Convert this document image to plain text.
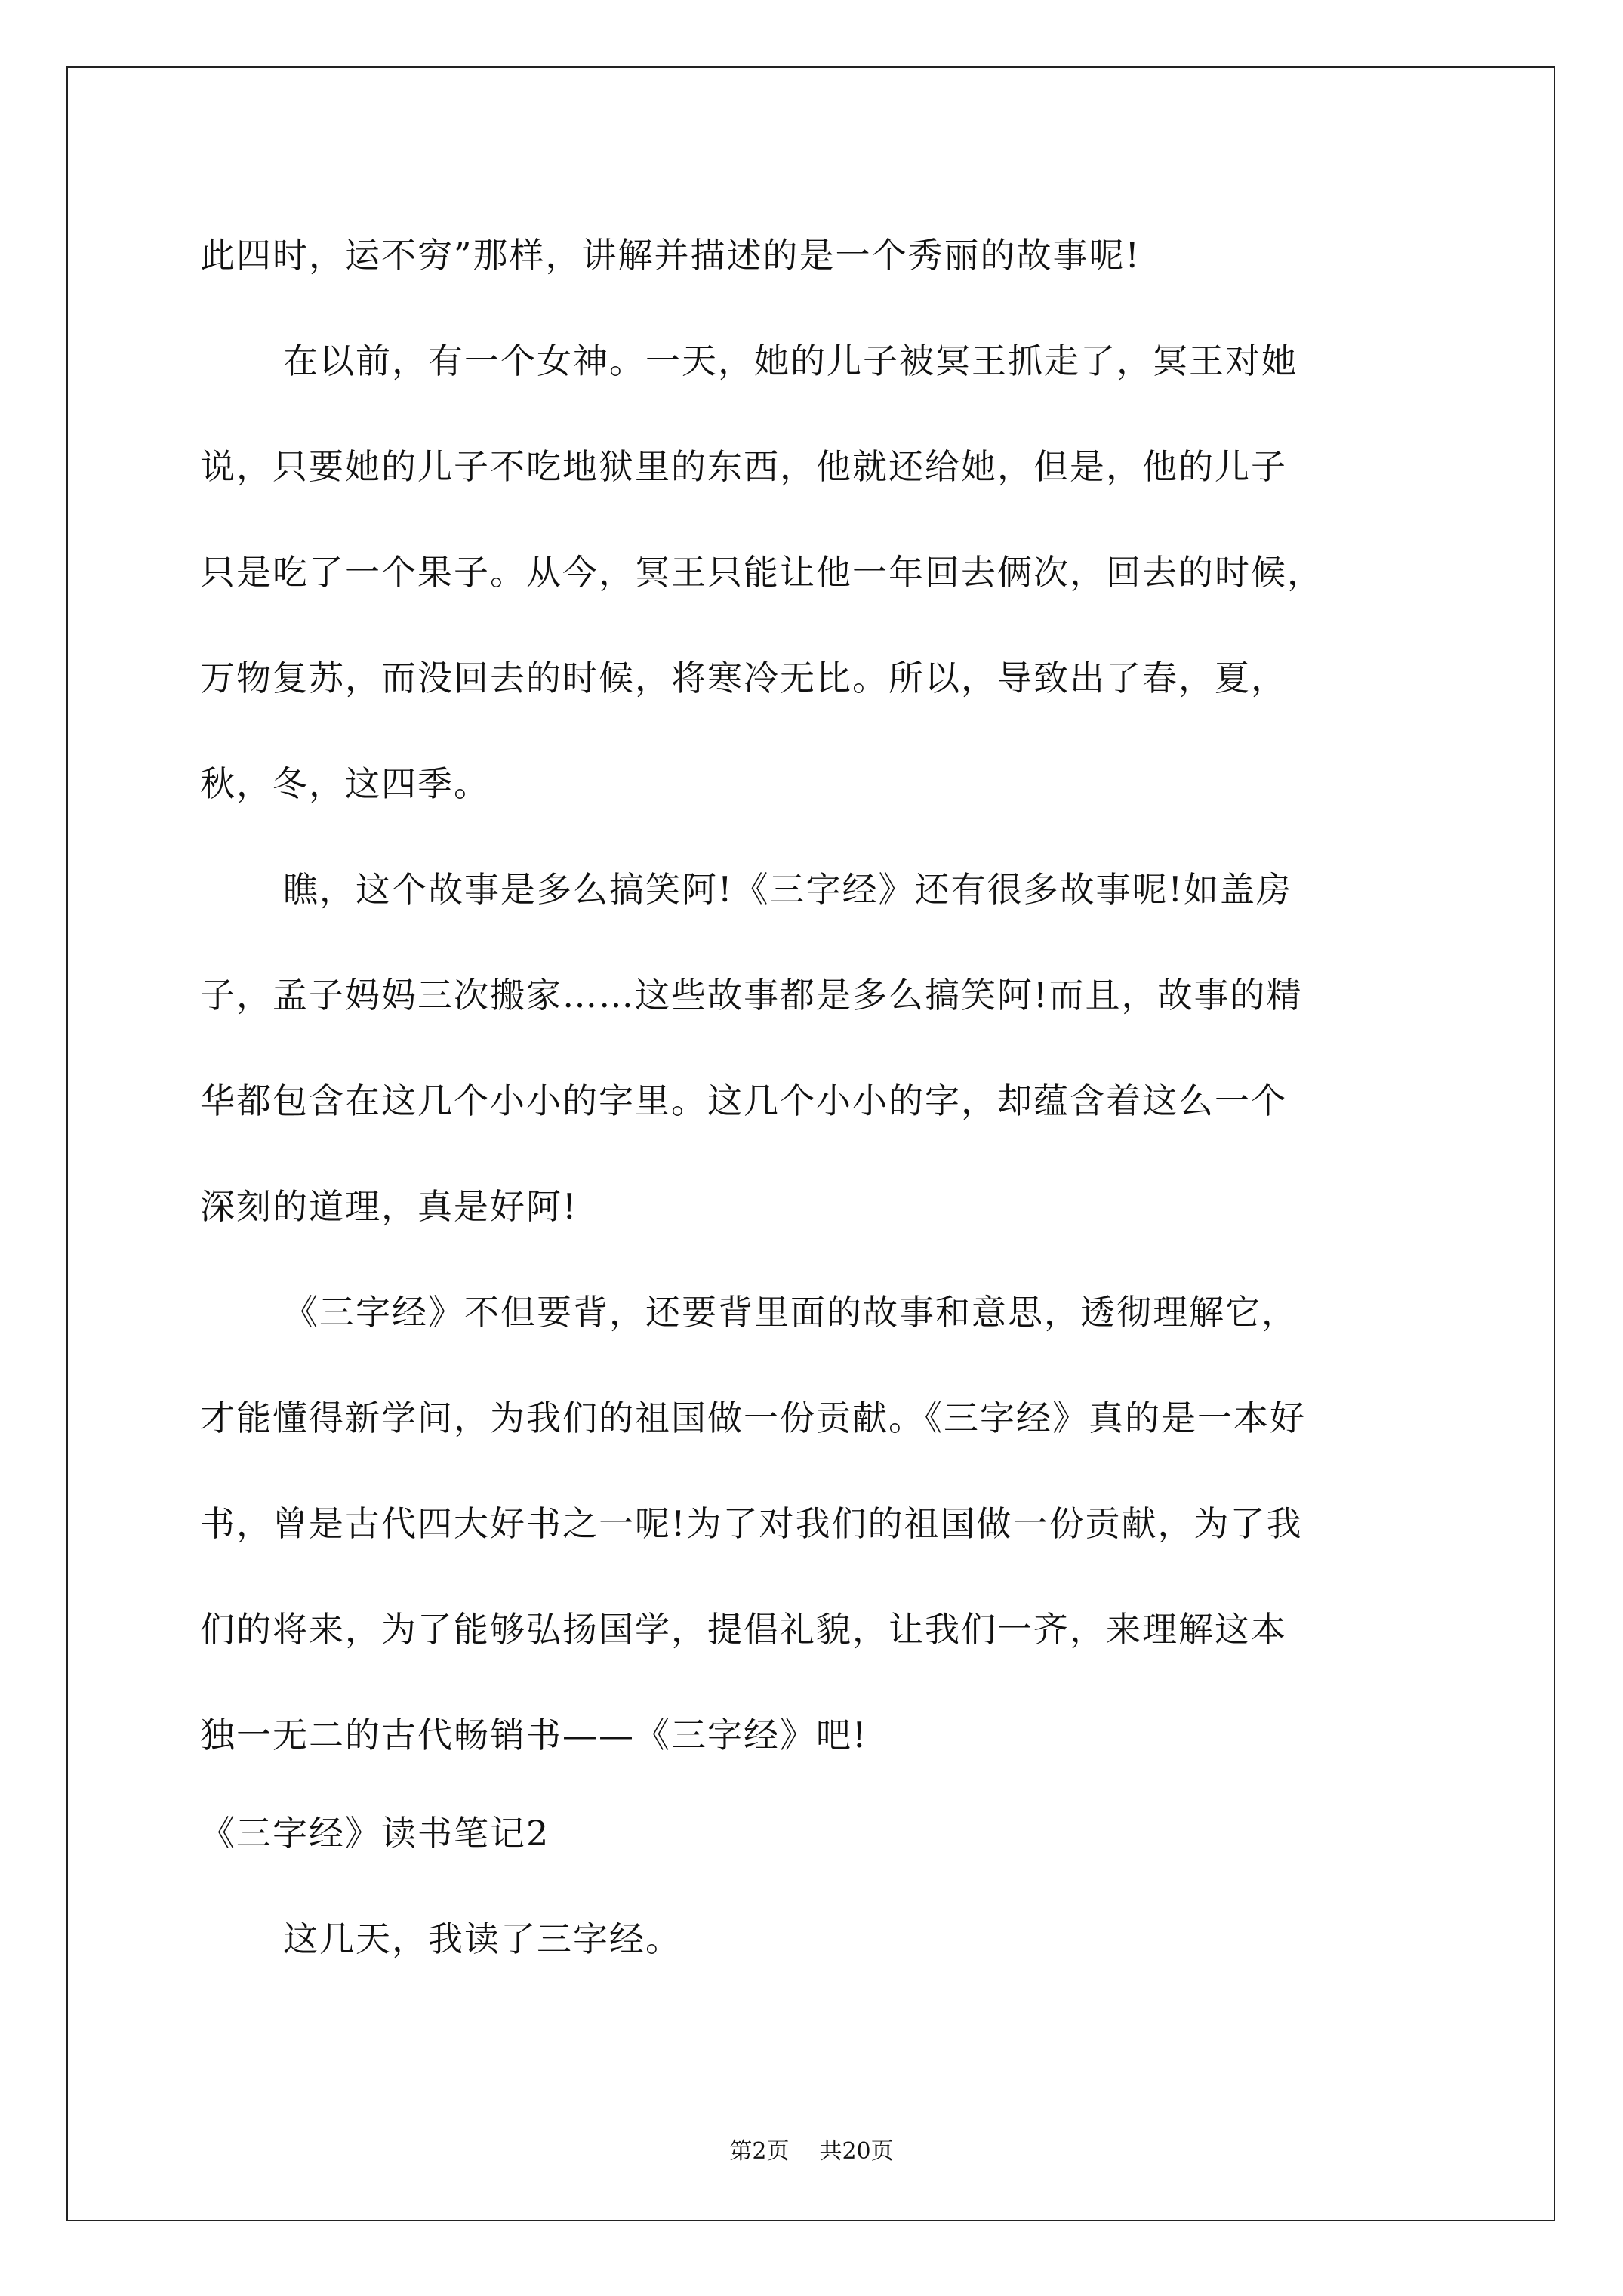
此四时，运不穷”那样，讲解并描述的是一个秀丽的故事呢!
在以前，有一个女神。一天，她的儿子被冥王抓走了，冥王对她
说，只要她的儿子不吃地狱里的东西，他就还给她，但是，他的儿子
只是吃了一个果子。从今，冥王只能让他一年回去俩次，回去的时候，
万物复苏，而没回去的时候，将寒冷无比。所以，导致出了春，夏，
秋，冬，这四季。
瞧，这个故事是多么搞笑阿!《三字经》还有很多故事呢!如盖房
子，孟子妈妈三次搬家……这些故事都是多么搞笑阿!而且，故事的精
华都包含在这几个小小的字里。这几个小小的字，却蕴含着这么一个
深刻的道理，真是好阿!
《三字经》不但要背，还要背里面的故事和意思，透彻理解它，
才能懂得新学问，为我们的祖国做一份贡献。《三字经》真的是一本好
书，曾是古代四大好书之一呢!为了对我们的祖国做一份贡献，为了我
们的将来，为了能够弘扬国学，提倡礼貌，让我们一齐，来理解这本
独一无二的古代畅销书——《三字经》吧!
《三字经》读书笔记2
这几天，我读了三字经。
第2页 共20页
